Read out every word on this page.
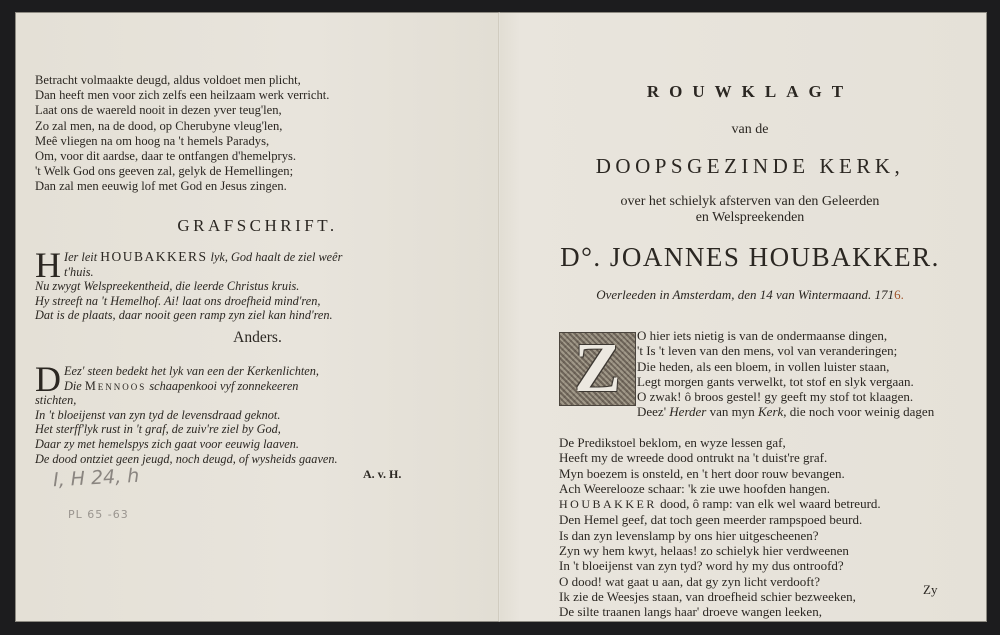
Betracht volmaakte deugd, aldus voldoet men plicht,
Dan heeft men voor zich zelfs een heilzaam werk verricht.
Laat ons de waereld nooit in dezen yver teug'len,
Zo zal men, na de dood, op Cherubyne vleug'len,
Meê vliegen na om hoog na 't hemels Paradys,
Om, voor dit aardse, daar te ontfangen d'hemelprys.
't Welk God ons geeven zal, gelyk de Hemellingen;
Dan zal men eeuwig lof met God en Jesus zingen.
GRAFSCHRIFT.
H Ier leit HOUBAKKERS lyk, God haalt de ziel weêr t'huis.
Nu zwygt Welspreekentheid, die leerde Christus kruis.
Hy streeft na 't Hemelhof. Ai! laat ons droefheid mind'ren,
Dat is de plaats, daar nooit geen ramp zyn ziel kan hind'ren.
Anders.
D Eez' steen bedekt het lyk van een der Kerkenlichten,
Die Mennoos schaapenkooi vyf zonnekeeren stichten,
In 't bloeijenst van zyn tyd de levensdraad geknot.
Het sterff'lyk rust in 't graf, de zuiv're ziel by God,
Daar zy met hemelspys zich gaat voor eeuwig laaven.
De dood ontziet geen jeugd, noch deugd, of wysheids gaaven.
A. v. H.
I, H 24, h
PL 65 -63
ROUWKLAGT
van de
DOOPSGEZINDE KERK,
over het schielyk afsterven van den Geleerden
en Welspreekenden
D°. JOANNES HOUBAKKER.
Overleeden in Amsterdam, den 14 van Wintermaand. 1716.
Z	O hier iets nietig is van de ondermaanse dingen,
't Is 't leven van den mens, vol van veranderingen;
Die heden, als een bloem, in vollen luister staan,
Legt morgen gants verwelkt, tot stof en slyk vergaan.
O zwak! ô broos gestel! gy geeft my stof tot klaagen.
Deez' Herder van myn Kerk, die noch voor weinig dagen
De Predikstoel beklom, en wyze lessen gaf,
Heeft my de wreede dood ontrukt na 't duist're graf.
Myn boezem is onsteld, en 't hert door rouw bevangen.
Ach Weerelooze schaar: 'k zie uwe hoofden hangen.
HOUBAKKER dood, ô ramp: van elk wel waard betreurd.
Den Hemel geef, dat toch geen meerder rampspoed beurd.
Is dan zyn levenslamp by ons hier uitgescheenen?
Zyn wy hem kwyt, helaas! zo schielyk hier verdweenen
In 't bloeijenst van zyn tyd? word hy my dus ontroofd?
O dood! wat gaat u aan, dat gy zyn licht verdooft?
Ik zie de Weesjes staan, van droefheid schier bezweeken,
De silte traanen langs haar' droeve wangen leeken,
Zy
